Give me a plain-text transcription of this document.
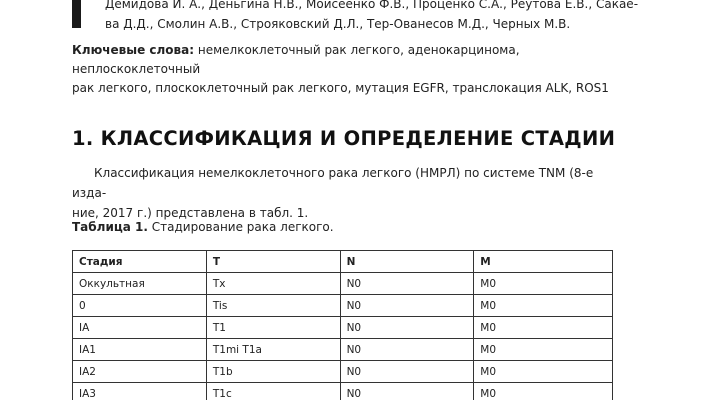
Демидова И. А., Деньгина Н.В., Моисеенко Ф.В., Проценко С.А., Реутова Е.В., Сакае-
ва Д.Д., Смолин А.В., Строяковский Д.Л., Тер-Ованесов М.Д., Черных М.В.
Ключевые слова: немелкоклеточный рак легкого, аденокарцинома, неплоскоклеточный
рак легкого, плоскоклеточный рак легкого, мутация EGFR, транслокация ALK, ROS1
1. КЛАССИФИКАЦИЯ И ОПРЕДЕЛЕНИЕ СТАДИИ
Классификация немелкоклеточного рака легкого (НМРЛ) по системе TNM (8-е изда-
ние, 2017 г.) представлена в табл. 1.
Таблица 1. Стадирование рака легкого.
Стадия	T	N	M
Оккультная	Tx	N0	M0
0	Tis	N0	M0
IA	T1	N0	M0
IA1	T1mi T1a	N0	M0
IA2	T1b	N0	M0
IA3	T1c	N0	M0
